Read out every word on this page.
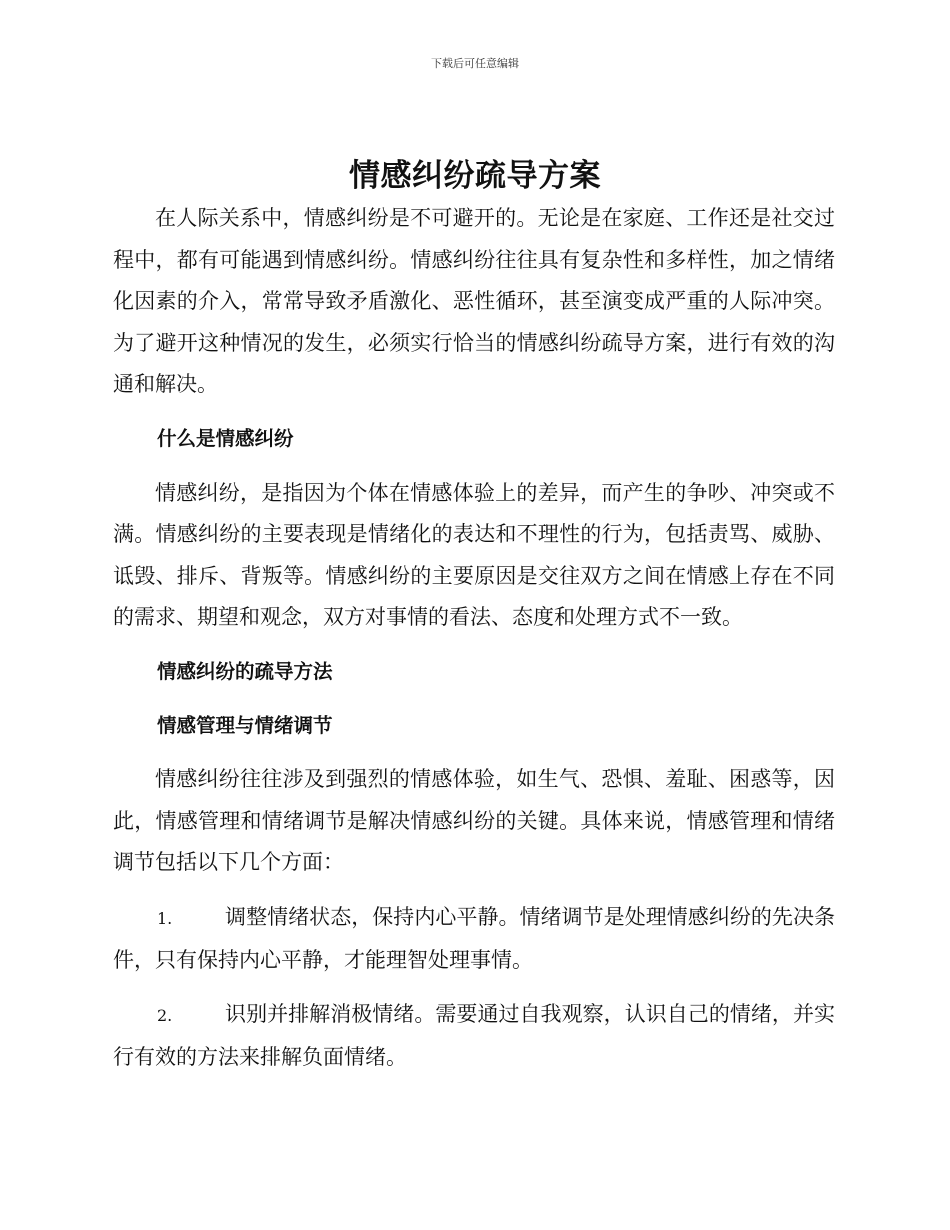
下载后可任意编辑
情感纠纷疏导方案

在人际关系中，情感纠纷是不可避开的。无论是在家庭、工作还是社交过程中，都有可能遇到情感纠纷。情感纠纷往往具有复杂性和多样性，加之情绪化因素的介入，常常导致矛盾激化、恶性循环，甚至演变成严重的人际冲突。为了避开这种情况的发生，必须实行恰当的情感纠纷疏导方案，进行有效的沟通和解决。

什么是情感纠纷

情感纠纷，是指因为个体在情感体验上的差异，而产生的争吵、冲突或不满。情感纠纷的主要表现是情绪化的表达和不理性的行为，包括责骂、威胁、诋毁、排斥、背叛等。情感纠纷的主要原因是交往双方之间在情感上存在不同的需求、期望和观念，双方对事情的看法、态度和处理方式不一致。

情感纠纷的疏导方法

情感管理与情绪调节

情感纠纷往往涉及到强烈的情感体验，如生气、恐惧、羞耻、困惑等，因此，情感管理和情绪调节是解决情感纠纷的关键。具体来说，情感管理和情绪调节包括以下几个方面：

1.	调整情绪状态，保持内心平静。情绪调节是处理情感纠纷的先决条件，只有保持内心平静，才能理智处理事情。

2.	识别并排解消极情绪。需要通过自我观察，认识自己的情绪，并实行有效的方法来排解负面情绪。
